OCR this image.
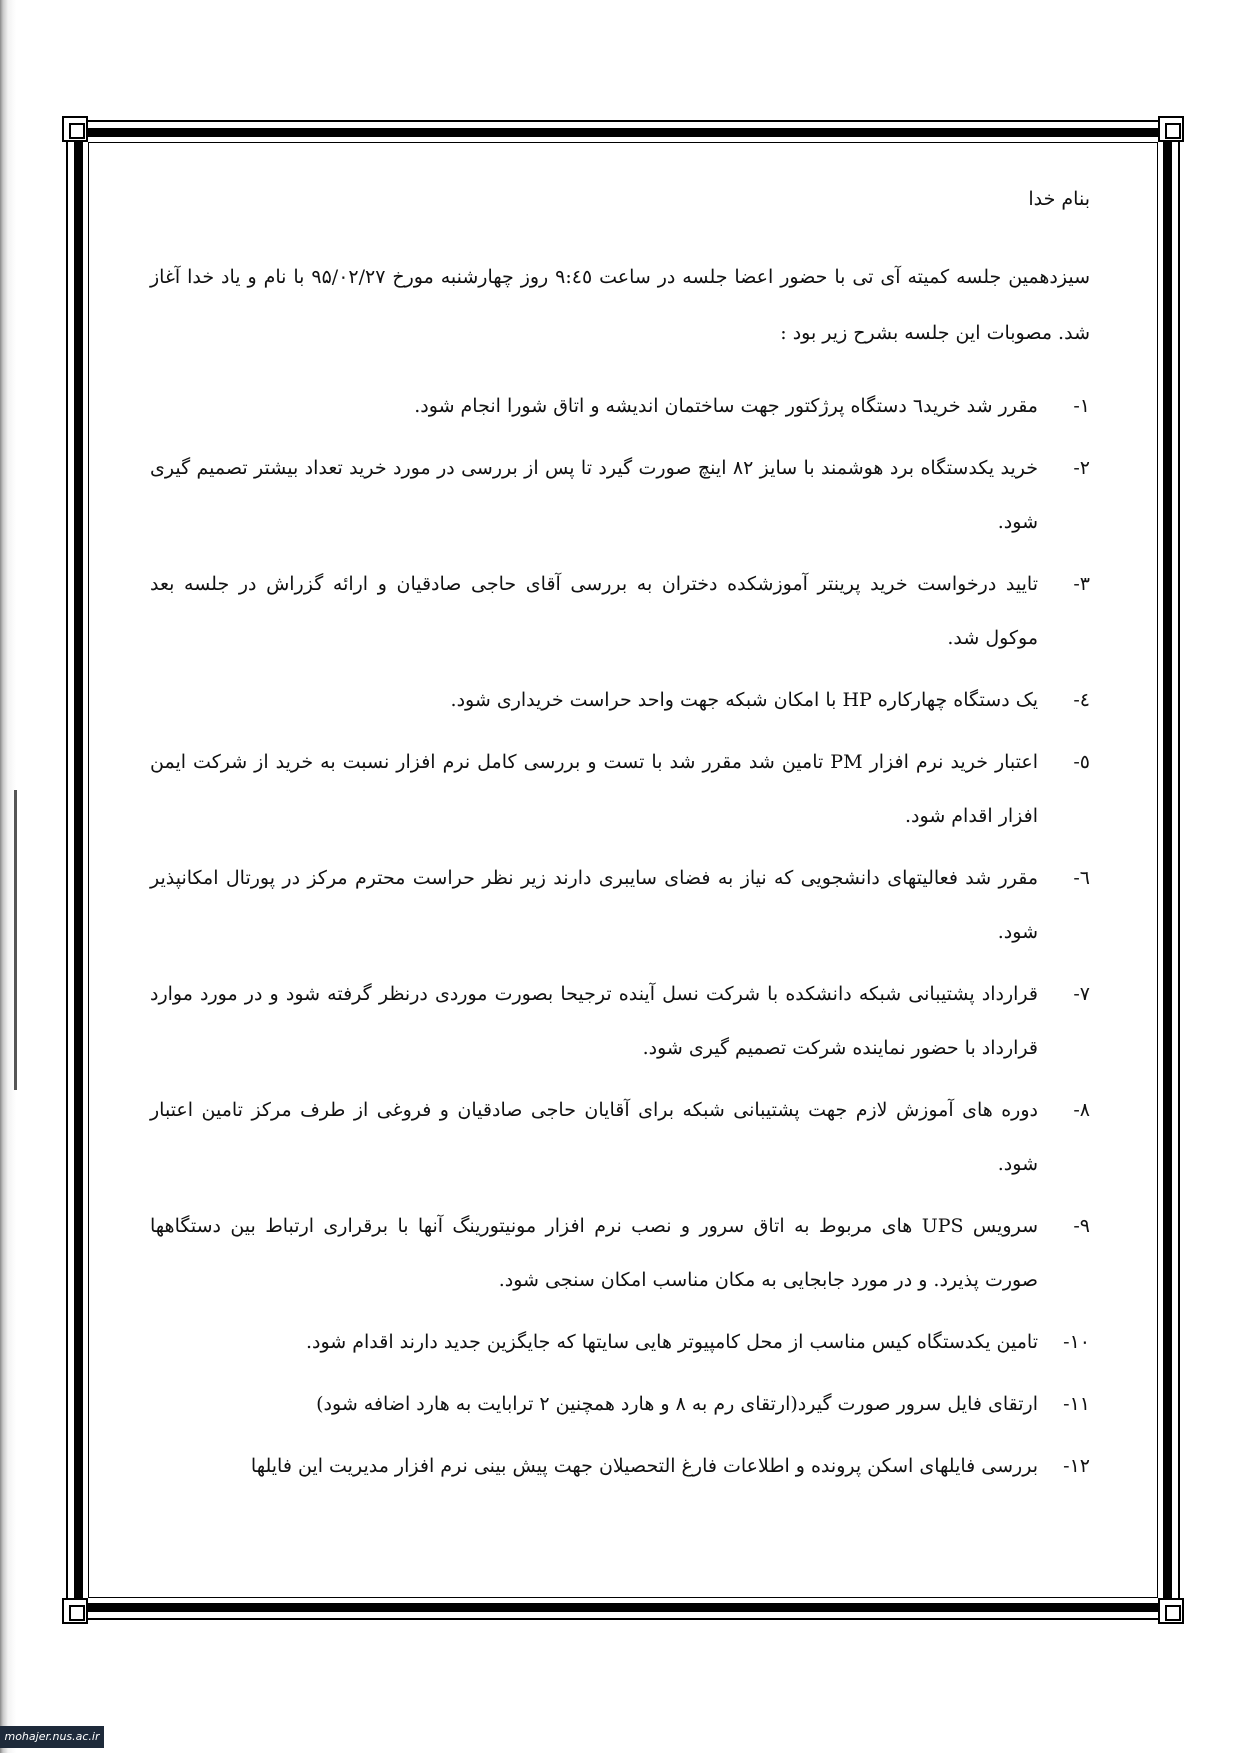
بنام خدا

سیزدهمین جلسه کمیته آی تی با حضور اعضا جلسه در ساعت ۹:٤٥ روز چهارشنبه مورخ ۹۵/۰۲/۲۷ با نام و یاد خدا آغاز شد. مصوبات این جلسه بشرح زیر بود :

۱-
مقرر شد خرید٦ دستگاه پرژکتور جهت ساختمان اندیشه و اتاق شورا انجام شود.
۲-
خرید یکدستگاه برد هوشمند با سایز ۸۲ اینچ صورت گیرد تا پس از بررسی در مورد خرید تعداد بیشتر تصمیم گیری شود.
۳-
تایید درخواست خرید پرینتر آموزشکده دختران به بررسی آقای حاجی صادقیان و ارائه گزراش در جلسه بعد موکول شد.
٤-
یک دستگاه چهارکاره HP با امکان شبکه جهت واحد حراست خریداری شود.
٥-
اعتبار خرید نرم افزار PM تامین شد مقرر شد با تست و بررسی کامل نرم افزار نسبت به خرید از شرکت ایمن افزار اقدام شود.
٦-
مقرر شد فعالیتهای دانشجویی که نیاز به فضای سایبری دارند زیر نظر حراست محترم مرکز در پورتال امکانپذیر شود.
۷-
قرارداد پشتیبانی شبکه دانشکده با شرکت نسل آینده ترجیحا بصورت موردی درنظر گرفته شود و در مورد موارد قرارداد با حضور نماینده شرکت تصمیم گیری شود.
۸-
دوره های آموزش لازم جهت پشتیبانی شبکه برای آقایان حاجی صادقیان و فروغی از طرف مرکز تامین اعتبار شود.
۹-
سرویس UPS های مربوط به اتاق سرور و نصب نرم افزار مونیتورینگ آنها با برقراری ارتباط بین دستگاهها صورت پذیرد. و در مورد جابجایی به مکان مناسب امکان سنجی شود.
۱۰-
تامین یکدستگاه کیس مناسب از محل کامپیوتر هایی سایتها که جایگزین جدید دارند اقدام شود.
۱۱-
ارتقای فایل سرور صورت گیرد(ارتقای رم به ۸ و هارد همچنین ۲ ترابایت به هارد اضافه شود)
۱۲-
بررسی فایلهای اسکن پرونده و اطلاعات فارغ التحصیلان جهت پیش بینی نرم افزار مدیریت این فایلها
mohajer.nus.ac.ir
